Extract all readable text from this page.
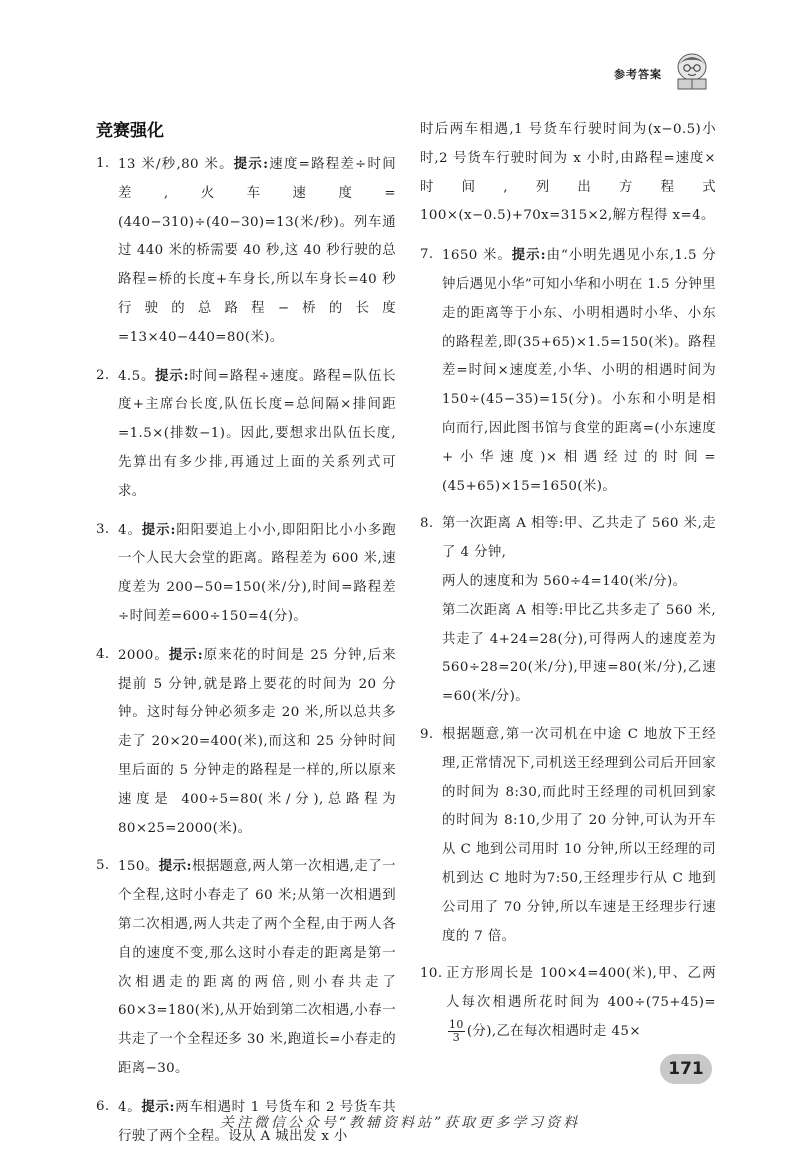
参考答案
竞赛强化
1. 13 米/秒,80 米。提示:速度=路程差÷时间差,火车速度=(440−310)÷(40−30)=13(米/秒)。列车通过 440 米的桥需要 40 秒,这 40 秒行驶的总路程=桥的长度+车身长,所以车身长=40 秒行驶的总路程−桥的长度=13×40−440=80(米)。
2. 4.5。提示:时间=路程÷速度。路程=队伍长度+主席台长度,队伍长度=总间隔×排间距=1.5×(排数−1)。因此,要想求出队伍长度,先算出有多少排,再通过上面的关系列式可求。
3. 4。提示:阳阳要追上小小,即阳阳比小小多跑一个人民大会堂的距离。路程差为 600 米,速度差为 200−50=150(米/分),时间=路程差÷时间差=600÷150=4(分)。
4. 2000。提示:原来花的时间是 25 分钟,后来提前 5 分钟,就是路上要花的时间为 20 分钟。这时每分钟必须多走 20 米,所以总共多走了 20×20=400(米),而这和 25 分钟时间里后面的 5 分钟走的路程是一样的,所以原来速度是 400÷5=80(米/分),总路程为 80×25=2000(米)。
5. 150。提示:根据题意,两人第一次相遇,走了一个全程,这时小春走了 60 米;从第一次相遇到第二次相遇,两人共走了两个全程,由于两人各自的速度不变,那么这时小春走的距离是第一次相遇走的距离的两倍,则小春共走了 60×3=180(米),从开始到第二次相遇,小春一共走了一个全程还多 30 米,跑道长=小春走的距离−30。
6. 4。提示:两车相遇时 1 号货车和 2 号货车共行驶了两个全程。设从 A 城出发 x 小

时后两车相遇,1 号货车行驶时间为(x−0.5)小时,2 号货车行驶时间为 x 小时,由路程=速度×时间,列出方程式 100×(x−0.5)+70x=315×2,解方程得 x=4。

7. 1650 米。提示:由“小明先遇见小东,1.5 分钟后遇见小华”可知小华和小明在 1.5 分钟里走的距离等于小东、小明相遇时小华、小东的路程差,即(35+65)×1.5=150(米)。路程差=时间×速度差,小华、小明的相遇时间为 150÷(45−35)=15(分)。小东和小明是相向而行,因此图书馆与食堂的距离=(小东速度+小华速度)×相遇经过的时间=(45+65)×15=1650(米)。
8. 第一次距离 A 相等:甲、乙共走了 560 米,走了 4 分钟,

两人的速度和为 560÷4=140(米/分)。

第二次距离 A 相等:甲比乙共多走了 560 米,共走了 4+24=28(分),可得两人的速度差为 560÷28=20(米/分),甲速=80(米/分),乙速=60(米/分)。

9. 根据题意,第一次司机在中途 C 地放下王经理,正常情况下,司机送王经理到公司后开回家的时间为 8:30,而此时王经理的司机回到家的时间为 8:10,少用了 20 分钟,可认为开车从 C 地到公司用时 10 分钟,所以王经理的司机到达 C 地时为7:50,王经理步行从 C 地到公司用了 70 分钟,所以车速是王经理步行速度的 7 倍。
10. 正方形周长是 100×4=400(米),甲、乙两人每次相遇所花时间为 400÷(75+45)=
$\frac{10}{3}$ (分),乙在每次相遇时走 45×
171
关注微信公众号“教辅资料站”获取更多学习资料
